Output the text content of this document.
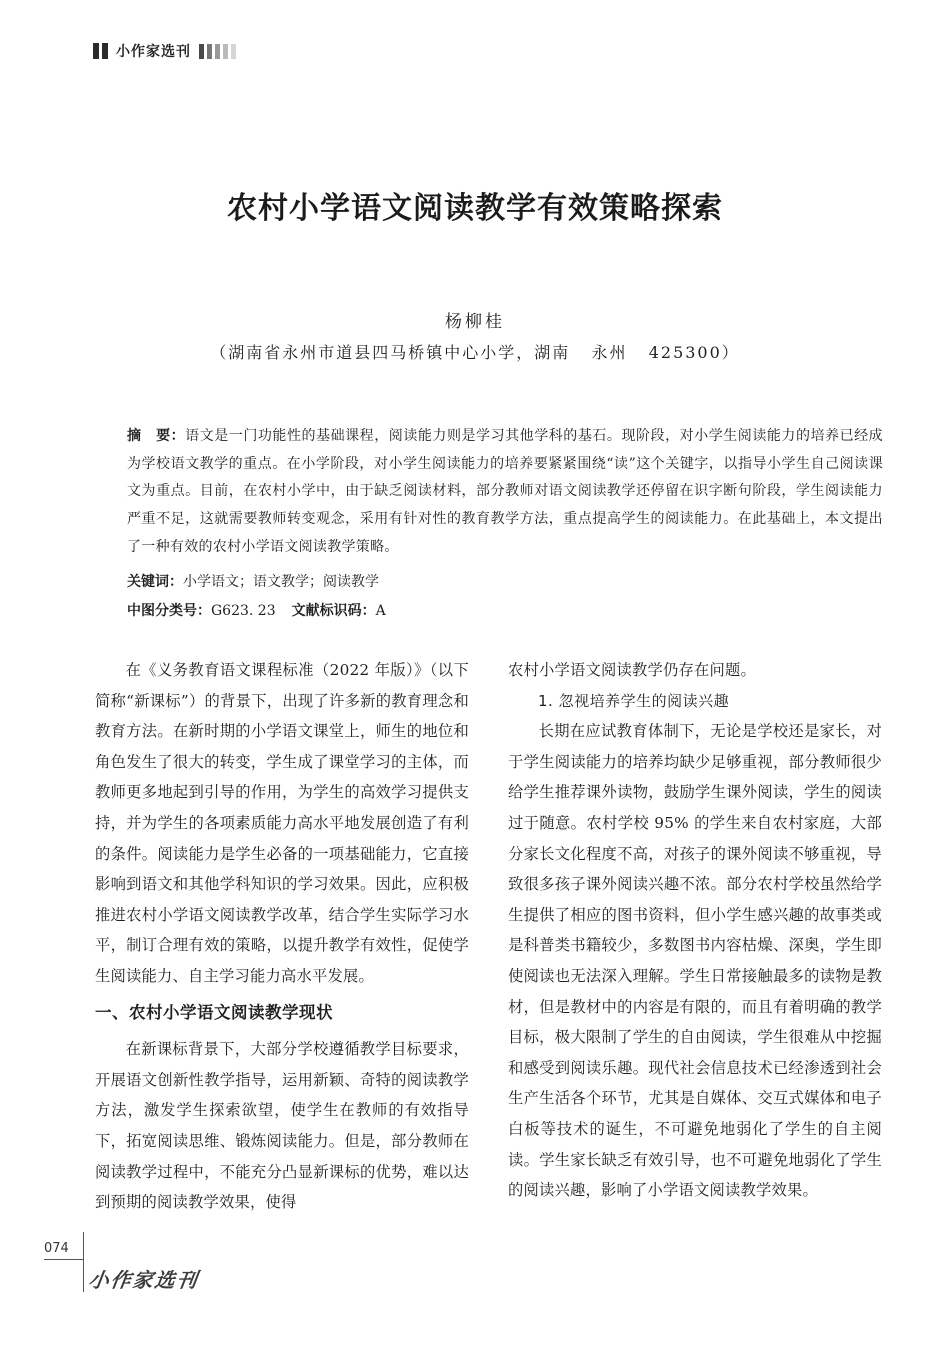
小作家选刊
农村小学语文阅读教学有效策略探索
杨柳桂
（湖南省永州市道县四马桥镇中心小学，湖南   永州   425300）
摘　要：语文是一门功能性的基础课程，阅读能力则是学习其他学科的基石。现阶段，对小学生阅读能力的培养已经成为学校语文教学的重点。在小学阶段，对小学生阅读能力的培养要紧紧围绕“读”这个关键字，以指导小学生自己阅读课文为重点。目前，在农村小学中，由于缺乏阅读材料，部分教师对语文阅读教学还停留在识字断句阶段，学生阅读能力严重不足，这就需要教师转变观念，采用有针对性的教育教学方法，重点提高学生的阅读能力。在此基础上，本文提出了一种有效的农村小学语文阅读教学策略。
关键词：小学语文；语文教学；阅读教学
中图分类号：G623. 23 文献标识码：A

在《义务教育语文课程标准（2022 年版）》（以下简称“新课标”）的背景下，出现了许多新的教育理念和教育方法。在新时期的小学语文课堂上，师生的地位和角色发生了很大的转变，学生成了课堂学习的主体，而教师更多地起到引导的作用，为学生的高效学习提供支持，并为学生的各项素质能力高水平地发展创造了有利的条件。阅读能力是学生必备的一项基础能力，它直接影响到语文和其他学科知识的学习效果。因此，应积极推进农村小学语文阅读教学改革，结合学生实际学习水平，制订合理有效的策略，以提升教学有效性，促使学生阅读能力、自主学习能力高水平发展。

一、农村小学语文阅读教学现状

在新课标背景下，大部分学校遵循教学目标要求，开展语文创新性教学指导，运用新颖、奇特的阅读教学方法，激发学生探索欲望，使学生在教师的有效指导下，拓宽阅读思维、锻炼阅读能力。但是，部分教师在阅读教学过程中，不能充分凸显新课标的优势，难以达到预期的阅读教学效果，使得

农村小学语文阅读教学仍存在问题。

1. 忽视培养学生的阅读兴趣

长期在应试教育体制下，无论是学校还是家长，对于学生阅读能力的培养均缺少足够重视，部分教师很少给学生推荐课外读物，鼓励学生课外阅读，学生的阅读过于随意。农村学校 95% 的学生来自农村家庭，大部分家长文化程度不高，对孩子的课外阅读不够重视，导致很多孩子课外阅读兴趣不浓。部分农村学校虽然给学生提供了相应的图书资料，但小学生感兴趣的故事类或是科普类书籍较少，多数图书内容枯燥、深奥，学生即使阅读也无法深入理解。学生日常接触最多的读物是教材，但是教材中的内容是有限的，而且有着明确的教学目标，极大限制了学生的自由阅读，学生很难从中挖掘和感受到阅读乐趣。现代社会信息技术已经渗透到社会生产生活各个环节，尤其是自媒体、交互式媒体和电子白板等技术的诞生，不可避免地弱化了学生的自主阅读。学生家长缺乏有效引导，也不可避免地弱化了学生的阅读兴趣，影响了小学语文阅读教学效果。

074
小作家选刊
